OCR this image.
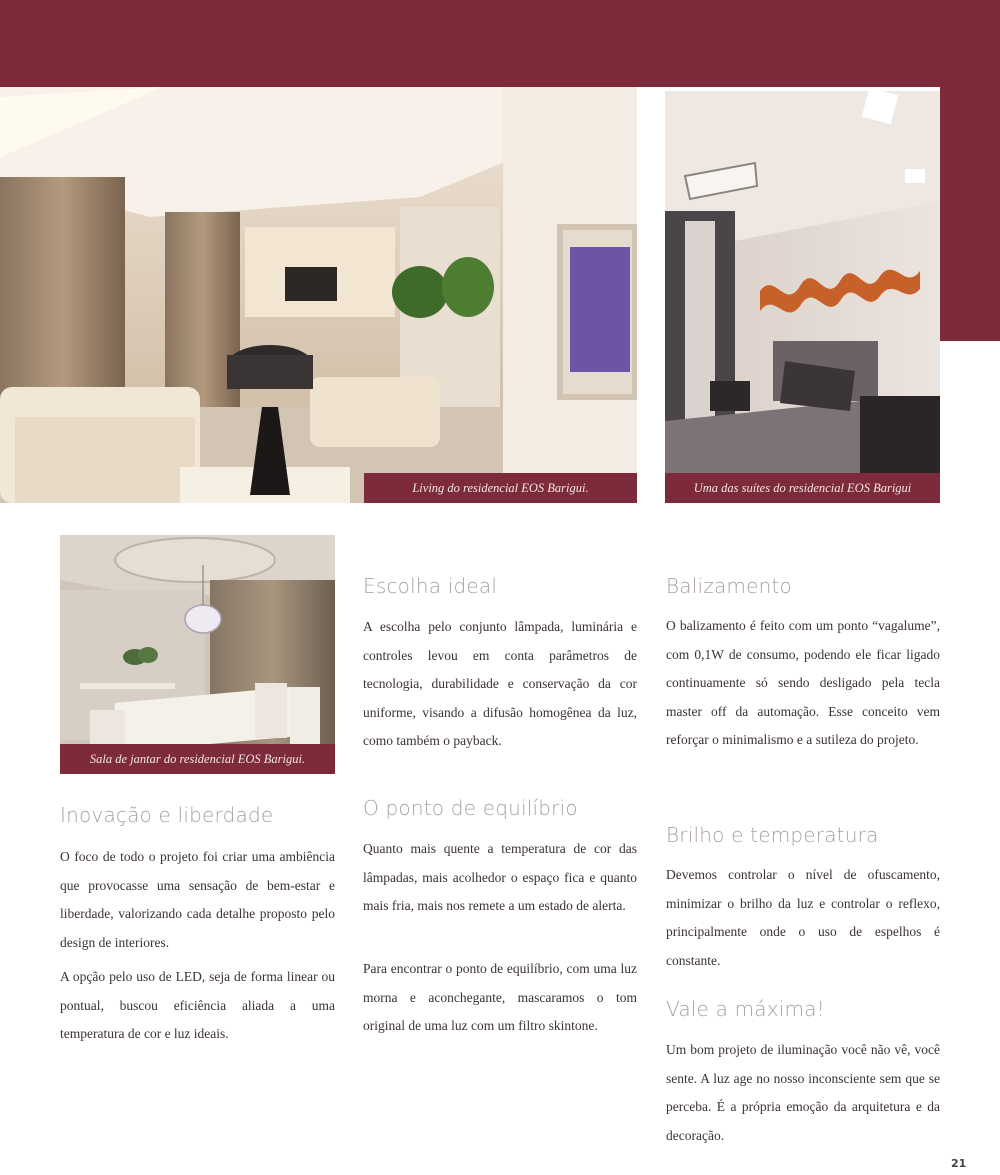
Living do residencial EOS Barigui.	Uma das suítes do residencial EOS Barigui
Sala de jantar do residencial EOS Barigui.
Inovação e liberdade
O foco de todo o projeto foi criar uma ambiência que provocasse uma sensação de bem-estar e liberdade, valorizando cada detalhe proposto pelo design de interiores.
A opção pelo uso de LED, seja de forma linear ou pontual, buscou eficiência aliada a uma temperatura de cor e luz ideais.
Escolha ideal
A escolha pelo conjunto lâmpada, luminária e controles levou em conta parâmetros de tecnologia, durabilidade e conservação da cor uniforme, visando a difusão homogênea da luz, como também o payback.
O ponto de equilíbrio
Quanto mais quente a temperatura de cor das lâmpadas, mais acolhedor o espaço fica e quanto mais fria, mais nos remete a um estado de alerta.
Para encontrar o ponto de equilíbrio, com uma luz morna e aconchegante, mascaramos o tom original de uma luz com um filtro skintone.
Balizamento
O balizamento é feito com um ponto “vagalume”, com 0,1W de consumo, podendo ele ficar ligado continuamente só sendo desligado pela tecla master off da automação. Esse conceito vem reforçar o minimalismo e a sutileza do projeto.
Brilho e temperatura
Devemos controlar o nível de ofuscamento, minimizar o brilho da luz e controlar o reflexo, principalmente onde o uso de espelhos é constante.
Vale a máxima!
Um bom projeto de iluminação você não vê, você sente. A luz age no nosso inconsciente sem que se perceba. É a própria emoção da arquitetura e da decoração.
21
